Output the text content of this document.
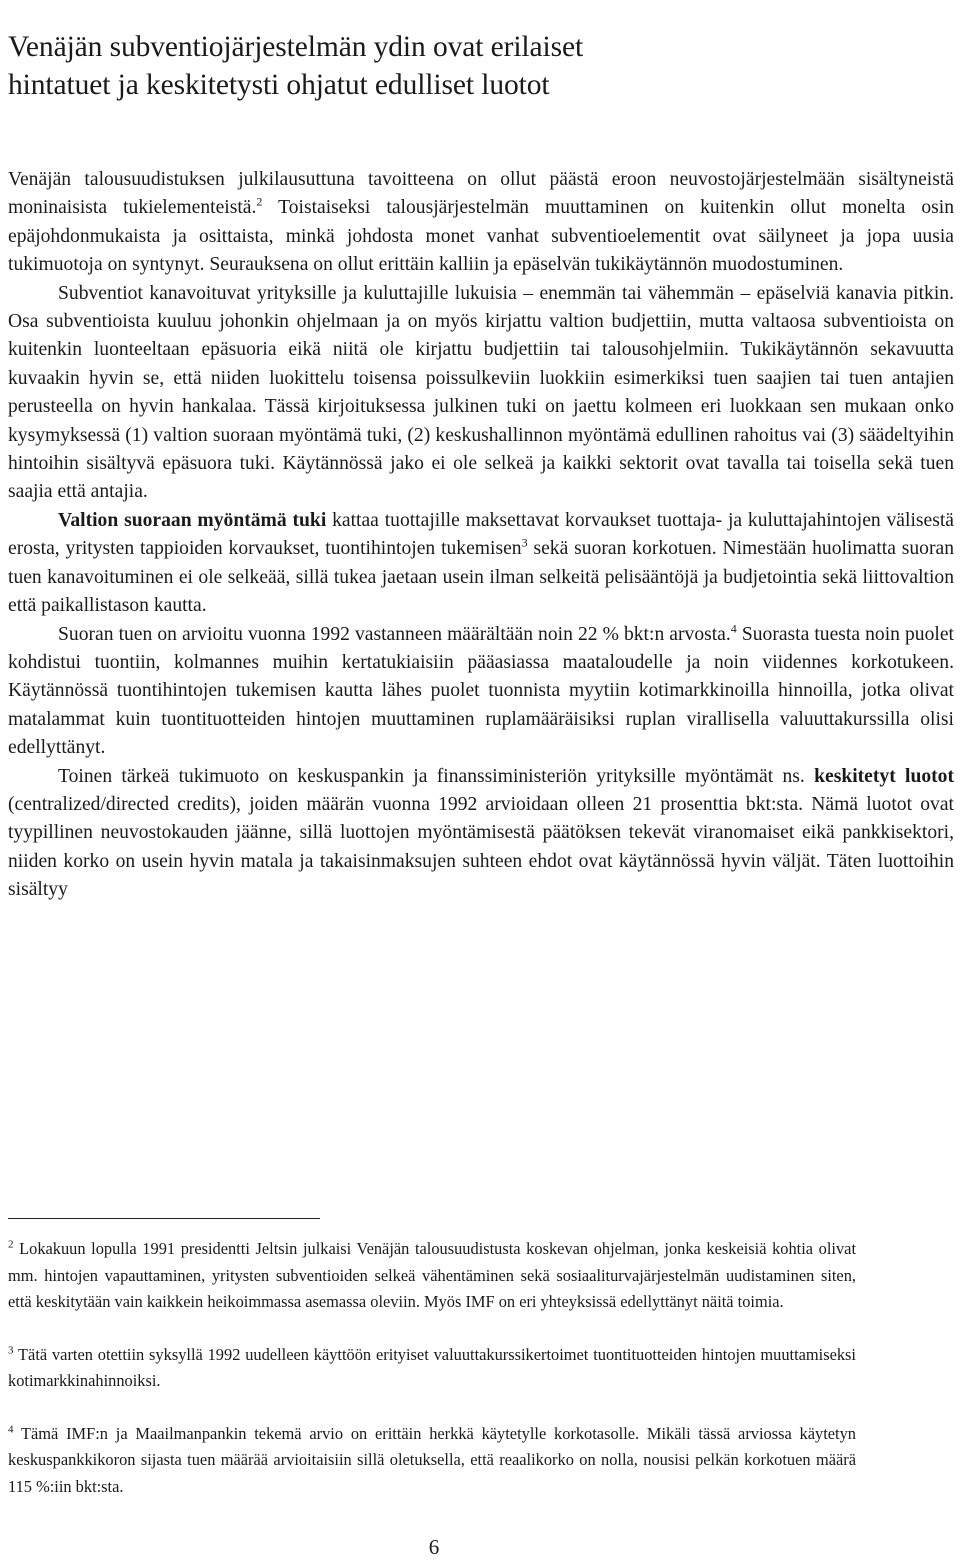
Venäjän subventiojärjestelmän ydin ovat erilaiset
hintatuet ja keskitetysti ohjatut edulliset luotot

Venäjän talousuudistuksen julkilausuttuna tavoitteena on ollut päästä eroon neuvostojärjestelmään sisältyneistä moninaisista tukielementeistä.$^2$ Toistaiseksi talousjärjestelmän muuttaminen on kuitenkin ollut monelta osin epäjohdonmukaista ja osittaista, minkä johdosta monet vanhat subventioelementit ovat säilyneet ja jopa uusia tukimuotoja on syntynyt. Seurauksena on ollut erittäin kalliin ja epäselvän tukikäytännön muodostuminen.

Subventiot kanavoituvat yrityksille ja kuluttajille lukuisia – enemmän tai vähemmän – epäselviä kanavia pitkin. Osa subventioista kuuluu johonkin ohjelmaan ja on myös kirjattu valtion budjettiin, mutta valtaosa subventioista on kuitenkin luonteeltaan epäsuoria eikä niitä ole kirjattu budjettiin tai talousohjelmiin. Tukikäytännön sekavuutta kuvaakin hyvin se, että niiden luokittelu toisensa poissulkeviin luokkiin esimerkiksi tuen saajien tai tuen antajien perusteella on hyvin hankalaa. Tässä kirjoituksessa julkinen tuki on jaettu kolmeen eri luokkaan sen mukaan onko kysymyksessä (1) valtion suoraan myöntämä tuki, (2) keskushallinnon myöntämä edullinen rahoitus vai (3) säädeltyihin hintoihin sisältyvä epäsuora tuki. Käytännössä jako ei ole selkeä ja kaikki sektorit ovat tavalla tai toisella sekä tuen saajia että antajia.

Valtion suoraan myöntämä tuki kattaa tuottajille maksettavat korvaukset tuottaja- ja kuluttajahintojen välisestä erosta, yritysten tappioiden korvaukset, tuontihintojen tukemisen$^3$ sekä suoran korkotuen. Nimestään huolimatta suoran tuen kanavoituminen ei ole selkeää, sillä tukea jaetaan usein ilman selkeitä pelisääntöjä ja budjetointia sekä liittovaltion että paikallistason kautta.

Suoran tuen on arvioitu vuonna 1992 vastanneen määrältään noin 22 % bkt:n arvosta.$^4$ Suorasta tuesta noin puolet kohdistui tuontiin, kolmannes muihin kertatukiaisiin pääasiassa maataloudelle ja noin viidennes korkotukeen. Käytännössä tuontihintojen tukemisen kautta lähes puolet tuonnista myytiin kotimarkkinoilla hinnoilla, jotka olivat matalammat kuin tuontituotteiden hintojen muuttaminen ruplamääräisiksi ruplan virallisella valuuttakurssilla olisi edellyttänyt.

Toinen tärkeä tukimuoto on keskuspankin ja finanssiministeriön yrityksille myöntämät ns. keskitetyt luotot (centralized/directed credits), joiden määrän vuonna 1992 arvioidaan olleen 21 prosenttia bkt:sta. Nämä luotot ovat tyypillinen neuvostokauden jäänne, sillä luottojen myöntämisestä päätöksen tekevät viranomaiset eikä pankkisektori, niiden korko on usein hyvin matala ja takaisinmaksujen suhteen ehdot ovat käytännössä hyvin väljät. Täten luottoihin sisältyy

$^2$ Lokakuun lopulla 1991 presidentti Jeltsin julkaisi Venäjän talousuudistusta koskevan ohjelman, jonka keskeisiä kohtia olivat mm. hintojen vapauttaminen, yritysten subventioiden selkeä vähentäminen sekä sosiaaliturvajärjestelmän uudistaminen siten, että keskitytään vain kaikkein heikoimmassa asemassa oleviin. Myös IMF on eri yhteyksissä edellyttänyt näitä toimia.

$^3$ Tätä varten otettiin syksyllä 1992 uudelleen käyttöön erityiset valuuttakurssikertoimet tuontituotteiden hintojen muuttamiseksi kotimarkkinahinnoiksi.

$^4$ Tämä IMF:n ja Maailmanpankin tekemä arvio on erittäin herkkä käytetylle korkotasolle. Mikäli tässä arviossa käytetyn keskuspankkikoron sijasta tuen määrää arvioitaisiin sillä oletuksella, että reaalikorko on nolla, nousisi pelkän korkotuen määrä 115 %:iin bkt:sta.

6
